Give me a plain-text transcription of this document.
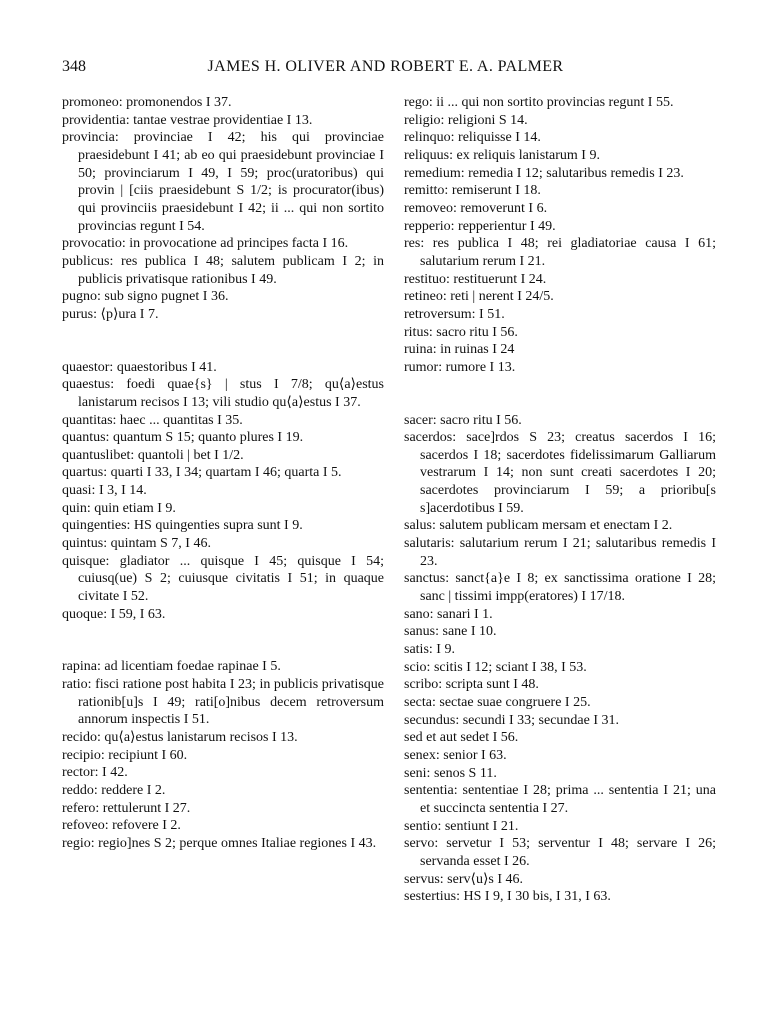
348	JAMES H. OLIVER AND ROBERT E. A. PALMER
promoneo: promonendos I 37.
providentia: tantae vestrae providentiae I 13.
provincia: provinciae I 42; his qui provinciae praesidebunt I 41; ab eo qui praesidebunt provinciae I 50; provinciarum I 49, I 59; proc(uratoribus) qui provin | [ciis praesidebunt S 1/2; is procurator(ibus) qui provinciis praesidebunt I 42; ii ... qui non sortito provincias regunt I 54.
provocatio: in provocatione ad principes facta I 16.
publicus: res publica I 48; salutem publicam I 2; in publicis privatisque rationibus I 49.
pugno: sub signo pugnet I 36.
purus: ⟨p⟩ura I 7.
quaestor: quaestoribus I 41.
quaestus: foedi quae{s} | stus I 7/8; qu⟨a⟩estus lanistarum recisos I 13; vili studio qu⟨a⟩estus I 37.
quantitas: haec ... quantitas I 35.
quantus: quantum S 15; quanto plures I 19.
quantuslibet: quantoli | bet I 1/2.
quartus: quarti I 33, I 34; quartam I 46; quarta I 5.
quasi: I 3, I 14.
quin: quin etiam I 9.
quingenties: HS quingenties supra sunt I 9.
quintus: quintam S 7, I 46.
quisque: gladiator ... quisque I 45; quisque I 54; cuiusq(ue) S 2; cuiusque civitatis I 51; in quaque civitate I 52.
quoque: I 59, I 63.
rapina: ad licentiam foedae rapinae I 5.
ratio: fisci ratione post habita I 23; in publicis privatisque rationib[u]s I 49; rati[o]nibus decem retroversum annorum inspectis I 51.
recido: qu⟨a⟩estus lanistarum recisos I 13.
recipio: recipiunt I 60.
rector: I 42.
reddo: reddere I 2.
refero: rettulerunt I 27.
refoveo: refovere I 2.
regio: regio]nes S 2; perque omnes Italiae regiones I 43.
rego: ii ... qui non sortito provincias regunt I 55.
religio: religioni S 14.
relinquo: reliquisse I 14.
reliquus: ex reliquis lanistarum I 9.
remedium: remedia I 12; salutaribus remedis I 23.
remitto: remiserunt I 18.
removeo: removerunt I 6.
repperio: repperientur I 49.
res: res publica I 48; rei gladiatoriae causa I 61; salutarium rerum I 21.
restituo: restituerunt I 24.
retineo: reti | nerent I 24/5.
retroversum: I 51.
ritus: sacro ritu I 56.
ruina: in ruinas I 24
rumor: rumore I 13.
sacer: sacro ritu I 56.
sacerdos: sace]rdos S 23; creatus sacerdos I 16; sacerdos I 18; sacerdotes fidelissimarum Galliarum vestrarum I 14; non sunt creati sacerdotes I 20; sacerdotes provinciarum I 59; a prioribu[s s]acerdotibus I 59.
salus: salutem publicam mersam et enectam I 2.
salutaris: salutarium rerum I 21; salutaribus remedis I 23.
sanctus: sanct{a}e I 8; ex sanctissima oratione I 28; sanc | tissimi impp(eratores) I 17/18.
sano: sanari I 1.
sanus: sane I 10.
satis: I 9.
scio: scitis I 12; sciant I 38, I 53.
scribo: scripta sunt I 48.
secta: sectae suae congruere I 25.
secundus: secundi I 33; secundae I 31.
sed et aut sedet I 56.
senex: senior I 63.
seni: senos S 11.
sententia: sententiae I 28; prima ... sententia I 21; una et succincta sententia I 27.
sentio: sentiunt I 21.
servo: servetur I 53; serventur I 48; servare I 26; servanda esset I 26.
servus: serv⟨u⟩s I 46.
sestertius: HS I 9, I 30 bis, I 31, I 63.
